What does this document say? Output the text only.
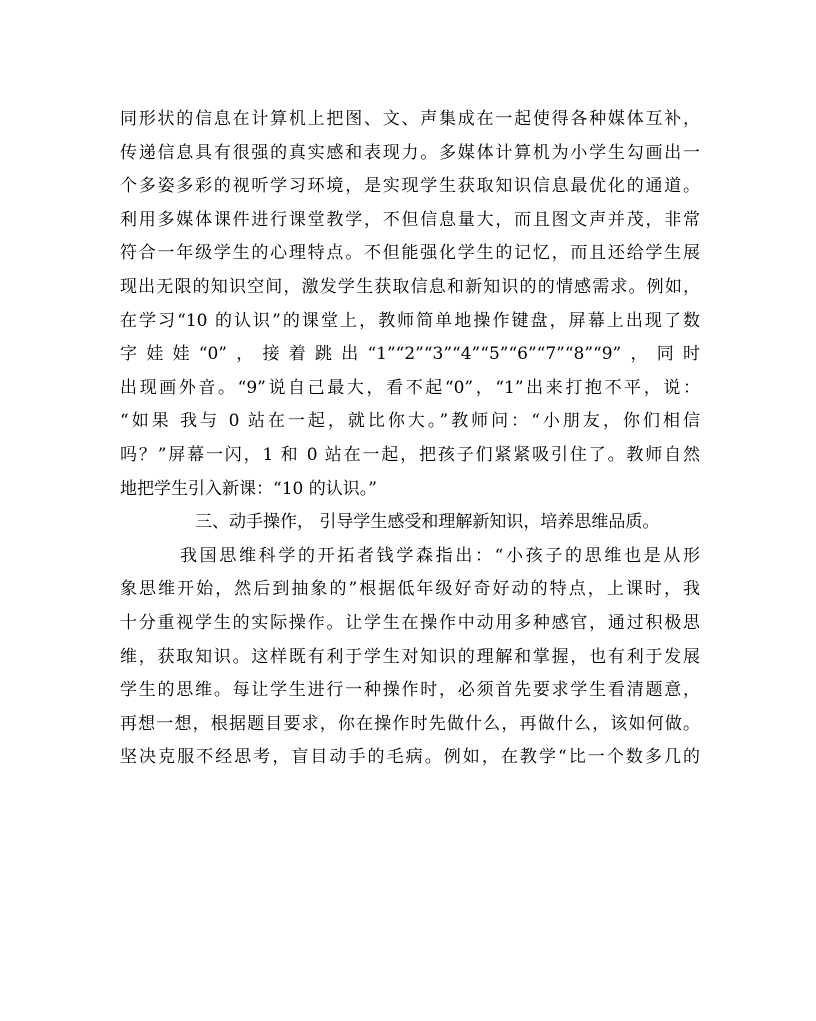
同形状的信息在计算机上把图、文、声集成在一起使得各种媒体互补，
传递信息具有很强的真实感和表现力。多媒体计算机为小学生勾画出一
个多姿多彩的视听学习环境，是实现学生获取知识信息最优化的通道。
利用多媒体课件进行课堂教学，不但信息量大，而且图文声并茂，非常
符合一年级学生的心理特点。不但能强化学生的记忆，而且还给学生展
现出无限的知识空间，激发学生获取信息和新知识的的情感需求。例如，
在学习“10 的认识”的课堂上，教师简单地操作键盘，屏幕上出现了数
字娃娃“0”，接着跳出“1”“2”“3”“4”“5”“6”“7”“8”“9”，同时
出现画外音。“9”说自己最大，看不起“0”，“1”出来打抱不平，说：
“如果 我与 0 站在一起，就比你大。”教师问：“小朋友，你们相信
吗？”屏幕一闪，1 和 0 站在一起，把孩子们紧紧吸引住了。教师自然
地把学生引入新课：“10 的认识。”
三、动手操作， 引导学生感受和理解新知识，培养思维品质。
我国思维科学的开拓者钱学森指出：“小孩子的思维也是从形
象思维开始，然后到抽象的”根据低年级好奇好动的特点，上课时，我
十分重视学生的实际操作。让学生在操作中动用多种感官，通过积极思
维，获取知识。这样既有利于学生对知识的理解和掌握，也有利于发展
学生的思维。每让学生进行一种操作时，必须首先要求学生看清题意，
再想一想，根据题目要求，你在操作时先做什么，再做什么，该如何做。
坚决克服不经思考，盲目动手的毛病。例如，在教学“比一个数多几的
